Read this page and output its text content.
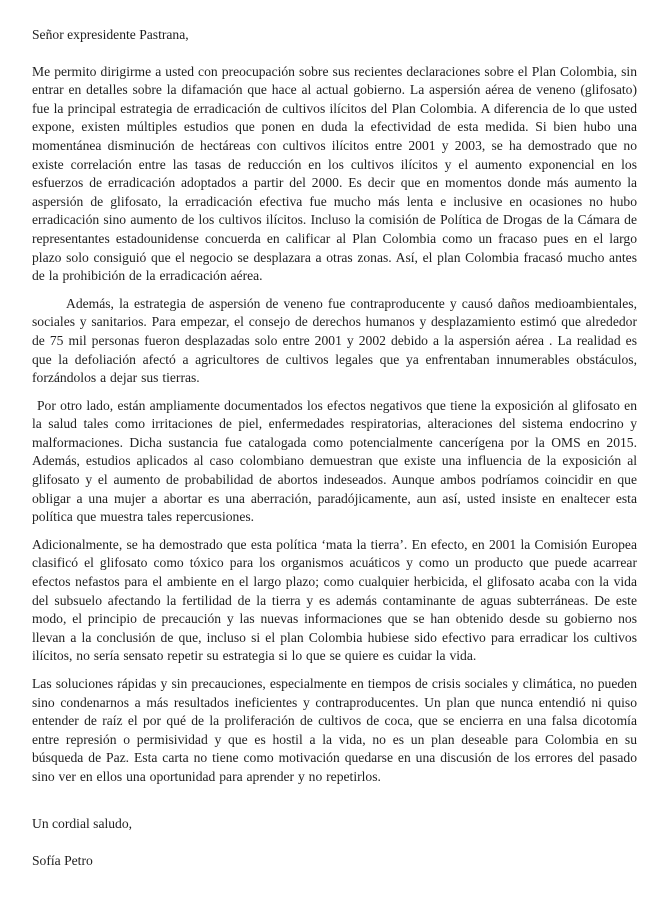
Señor expresidente Pastrana,

Me permito dirigirme a usted con preocupación sobre sus recientes declaraciones sobre el Plan Colombia, sin entrar en detalles sobre la difamación que hace al actual gobierno. La aspersión aérea de veneno (glifosato) fue la principal estrategia de erradicación de cultivos ilícitos del Plan Colombia. A diferencia de lo que usted expone, existen múltiples estudios que ponen en duda la efectividad de esta medida. Si bien hubo una momentánea disminución de hectáreas con cultivos ilícitos entre 2001 y 2003, se ha demostrado que no existe correlación entre las tasas de reducción en los cultivos ilícitos y el aumento exponencial en los esfuerzos de erradicación adoptados a partir del 2000. Es decir que en momentos donde más aumento la aspersión de glifosato, la erradicación efectiva fue mucho más lenta e inclusive en ocasiones no hubo erradicación sino aumento de los cultivos ilícitos. Incluso la comisión de Política de Drogas de la Cámara de representantes estadounidense concuerda en calificar al Plan Colombia como un fracaso pues en el largo plazo solo consiguió que el negocio se desplazara a otras zonas. Así, el plan Colombia fracasó mucho antes de la prohibición de la erradicación aérea.

Además, la estrategia de aspersión de veneno fue contraproducente y causó daños medioambientales, sociales y sanitarios. Para empezar, el consejo de derechos humanos y desplazamiento estimó que alrededor de 75 mil personas fueron desplazadas solo entre 2001 y 2002 debido a la aspersión aérea . La realidad es que la defoliación afectó a agricultores de cultivos legales que ya enfrentaban innumerables obstáculos, forzándolos a dejar sus tierras.

Por otro lado, están ampliamente documentados los efectos negativos que tiene la exposición al glifosato en la salud tales como irritaciones de piel, enfermedades respiratorias, alteraciones del sistema endocrino y malformaciones. Dicha sustancia fue catalogada como potencialmente cancerígena por la OMS en 2015. Además, estudios aplicados al caso colombiano demuestran que existe una influencia de la exposición al glifosato y el aumento de probabilidad de abortos indeseados. Aunque ambos podríamos coincidir en que obligar a una mujer a abortar es una aberración, paradójicamente, aun así, usted insiste en enaltecer esta política que muestra tales repercusiones.

Adicionalmente, se ha demostrado que esta política ‘mata la tierra’. En efecto, en 2001 la Comisión Europea clasificó el glifosato como tóxico para los organismos acuáticos y como un producto que puede acarrear efectos nefastos para el ambiente en el largo plazo; como cualquier herbicida, el glifosato acaba con la vida del subsuelo afectando la fertilidad de la tierra y es además contaminante de aguas subterráneas. De este modo, el principio de precaución y las nuevas informaciones que se han obtenido desde su gobierno nos llevan a la conclusión de que, incluso si el plan Colombia hubiese sido efectivo para erradicar los cultivos ilícitos, no sería sensato repetir su estrategia si lo que se quiere es cuidar la vida.

Las soluciones rápidas y sin precauciones, especialmente en tiempos de crisis sociales y climática, no pueden sino condenarnos a más resultados ineficientes y contraproducentes. Un plan que nunca entendió ni quiso entender de raíz el por qué de la proliferación de cultivos de coca, que se encierra en una falsa dicotomía entre represión o permisividad y que es hostil a la vida, no es un plan deseable para Colombia en su búsqueda de Paz. Esta carta no tiene como motivación quedarse en una discusión de los errores del pasado sino ver en ellos una oportunidad para aprender y no repetirlos.

Un cordial saludo,

Sofía Petro
